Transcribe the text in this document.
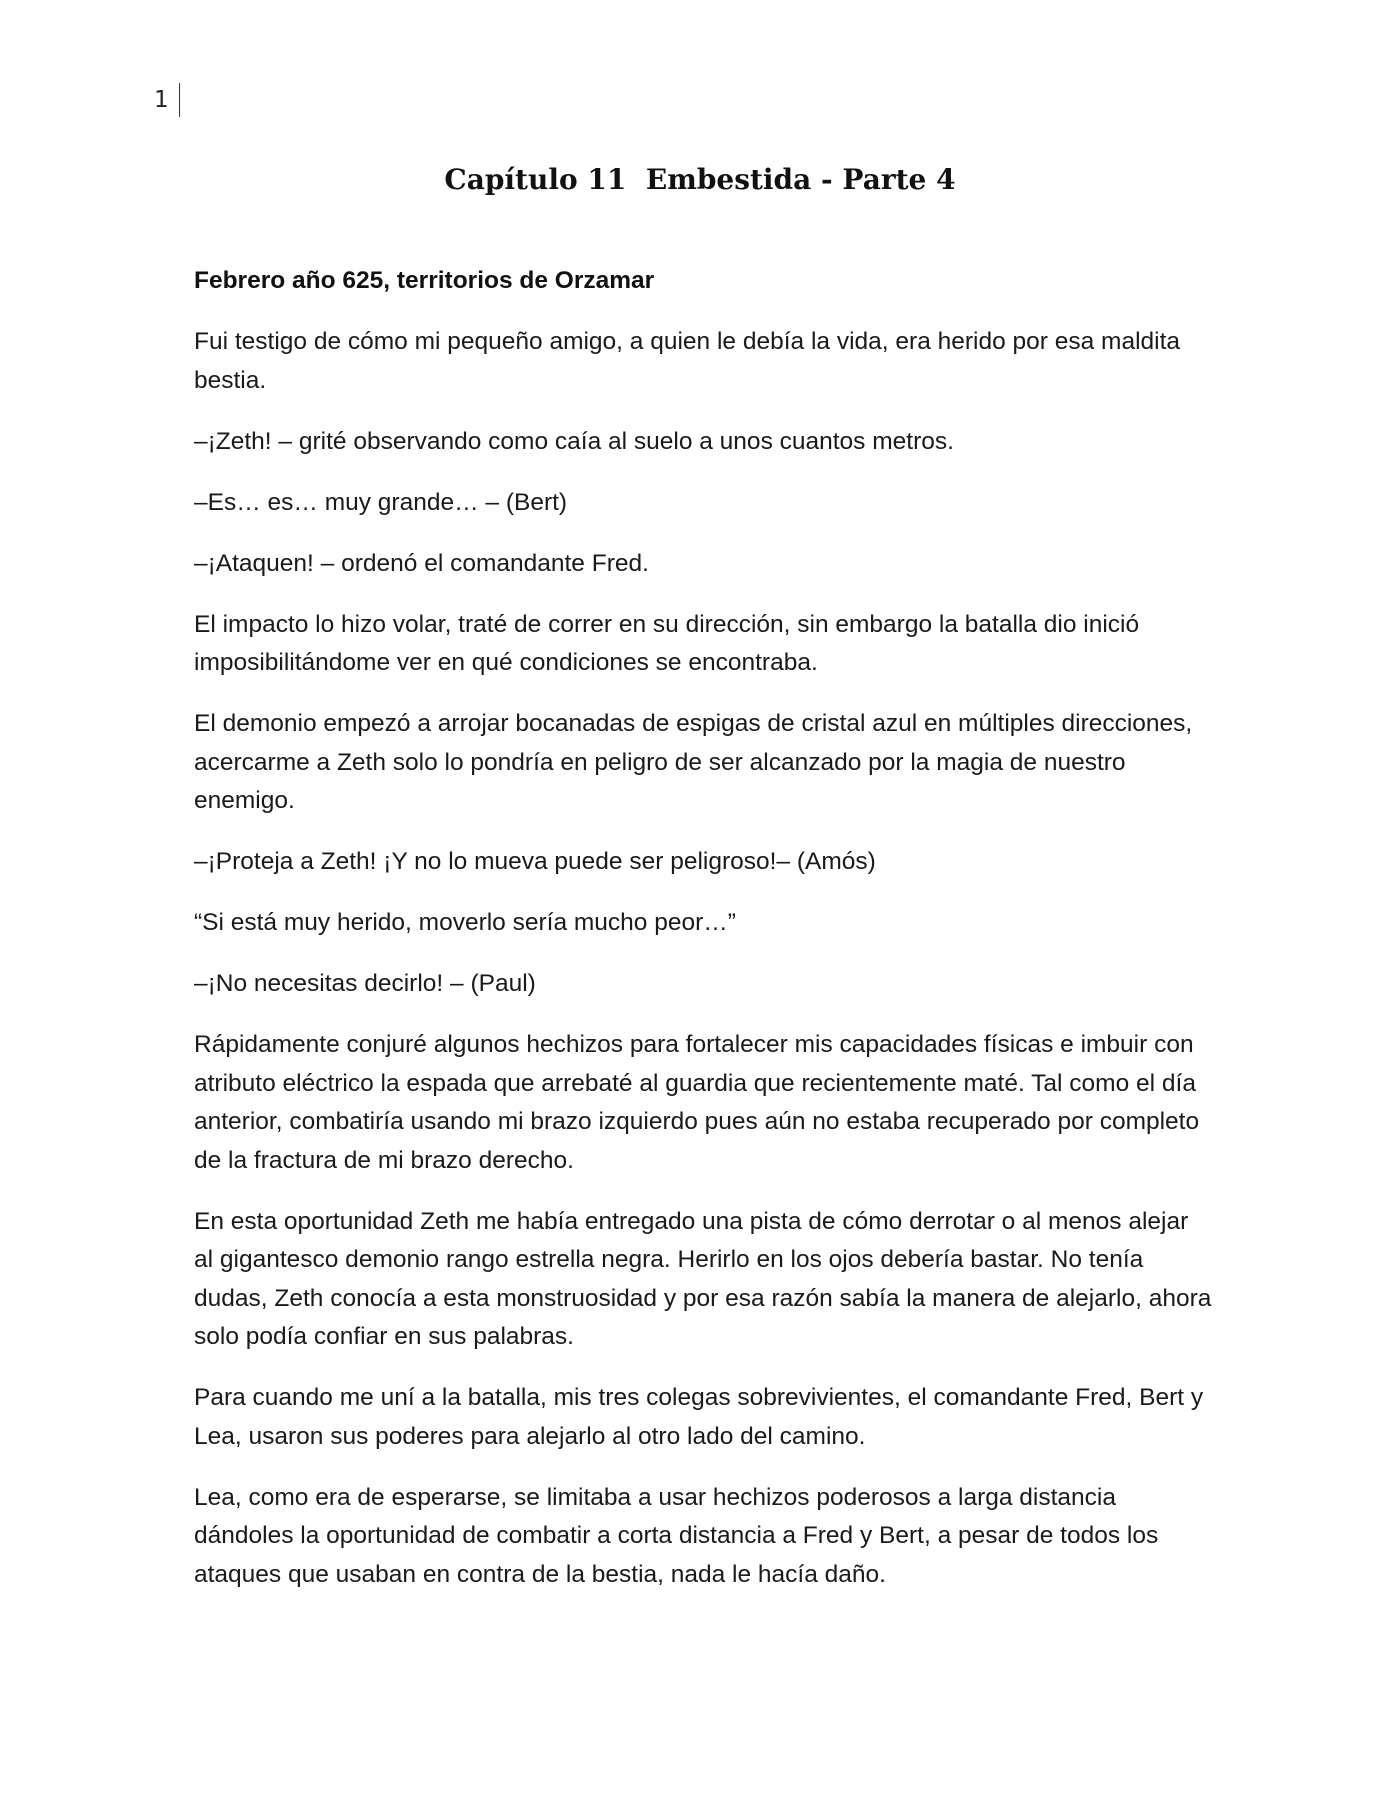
1
Capítulo 11  Embestida - Parte 4

Febrero año 625, territorios de Orzamar

Fui testigo de cómo mi pequeño amigo, a quien le debía la vida, era herido por esa maldita bestia.

–¡Zeth! – grité observando como caía al suelo a unos cuantos metros.

–Es… es… muy grande… – (Bert)

–¡Ataquen! – ordenó el comandante Fred.

El impacto lo hizo volar, traté de correr en su dirección, sin embargo la batalla dio inició imposibilitándome ver en qué condiciones se encontraba.

El demonio empezó a arrojar bocanadas de espigas de cristal azul en múltiples direcciones, acercarme a Zeth solo lo pondría en peligro de ser alcanzado por la magia de nuestro enemigo.

–¡Proteja a Zeth! ¡Y no lo mueva puede ser peligroso!– (Amós)

“Si está muy herido, moverlo sería mucho peor…”

–¡No necesitas decirlo! – (Paul)

Rápidamente conjuré algunos hechizos para fortalecer mis capacidades físicas e imbuir con atributo eléctrico la espada que arrebaté al guardia que recientemente maté. Tal como el día anterior, combatiría usando mi brazo izquierdo pues aún no estaba recuperado por completo de la fractura de mi brazo derecho.

En esta oportunidad Zeth me había entregado una pista de cómo derrotar o al menos alejar al gigantesco demonio rango estrella negra. Herirlo en los ojos debería bastar. No tenía dudas, Zeth conocía a esta monstruosidad y por esa razón sabía la manera de alejarlo, ahora solo podía confiar en sus palabras.

Para cuando me uní a la batalla, mis tres colegas sobrevivientes, el comandante Fred, Bert y Lea, usaron sus poderes para alejarlo al otro lado del camino.

Lea, como era de esperarse, se limitaba a usar hechizos poderosos a larga distancia dándoles la oportunidad de combatir a corta distancia a Fred y Bert, a pesar de todos los ataques que usaban en contra de la bestia, nada le hacía daño.
